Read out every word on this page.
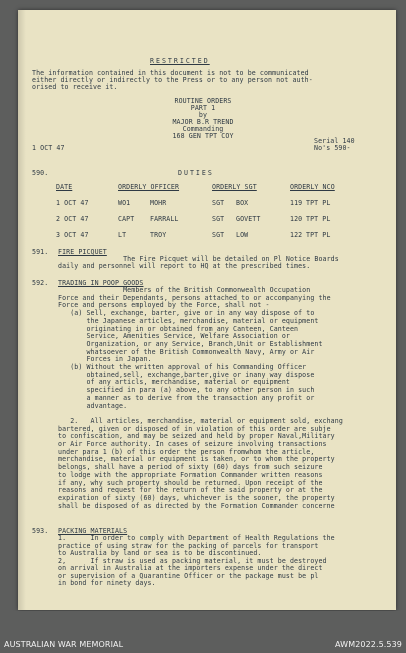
RESTRICTED
The information contained in this document is not to be communicated
either directly or indirectly to the Press or to any person not auth-
orised to receive it.
ROUTINE ORDERS
PART 1
by
MAJOR B.R TREND
Commanding
168 GEN TPT COY
1 OCT 47
Serial 140
No's 590-
590.	DUTIES
DATE	ORDERLY OFFICER	ORDERLY SGT	ORDERLY NCO
1 OCT 47	WO1	MOHR	SGT BOX	119 TPT PL
2 OCT 47	CAPT FARRALL	SGT GOVETT	120 TPT PL
3 OCT 47	LT	TROY	SGT LOW	122 TPT PL
591. FIRE PICQUET
The Fire Picquet will be detailed on Pl Notice Boards
daily and personnel will report to HQ at the prescribed times.
592. TRADING IN POOP GOODS
Members of the British Commonwealth Occupation
Force and their Dependants, persons attached to or accompanying the
Force and persons employed by the Force, shall not -
(a) Sell, exchange, barter, give or in any way dispose of to
the Japanese articles, merchandise, material or equipment
originating in or obtained from any Canteen, Canteen
Service, Amenities Service, Welfare Association or
Organization, or any Service, Branch,Unit or Establishment
whatsoever of the British Commonwealth Navy, Army or Air
Forces in Japan.
(b) Without the written approval of his Commanding Officer
obtained,sell, exchange,barter,give or inany way dispose
of any articls, merchandise, material or equipment
specified in para (a) above, to any other person in such
a manner as to derive from the transaction any profit or
advantage.
2.   All articles, merchandise, material or equipment sold, exchang
bartered, given or disposed of in violation of this order are subje
to confiscation, and may be seized and held by proper Naval,Military
or Air Force authority. In cases of seizure involving transactions
under para 1 (b) of this order the person fromwhom the article,
merchandise, material or equipment is taken, or to whom the property
belongs, shall have a period of sixty (60) days from such seizure
to lodge with the appropriate Formation Commander written reasons
if any, why such property should be returned. Upon receipt of the
reasons and request for the return of the said property or at the
expiration of sixty (60) days, whichever is the sooner, the property
shall be disposed of as directed by the Formation Commander concerne
593. PACKING MATERIALS
1.      In order to comply with Department of Health Regulations the
practice of using straw for the packing of parcels for transport
to Australia by land or sea is to be discontinued.
2,      If straw is used as packing material, it must be destroyed
on arrival in Australia at the importers expense under the direct
or supervision of a Quarantine Officer or the package must be pl
in bond for ninety days.
AUSTRALIAN WAR MEMORIAL	AWM2022.5.539
